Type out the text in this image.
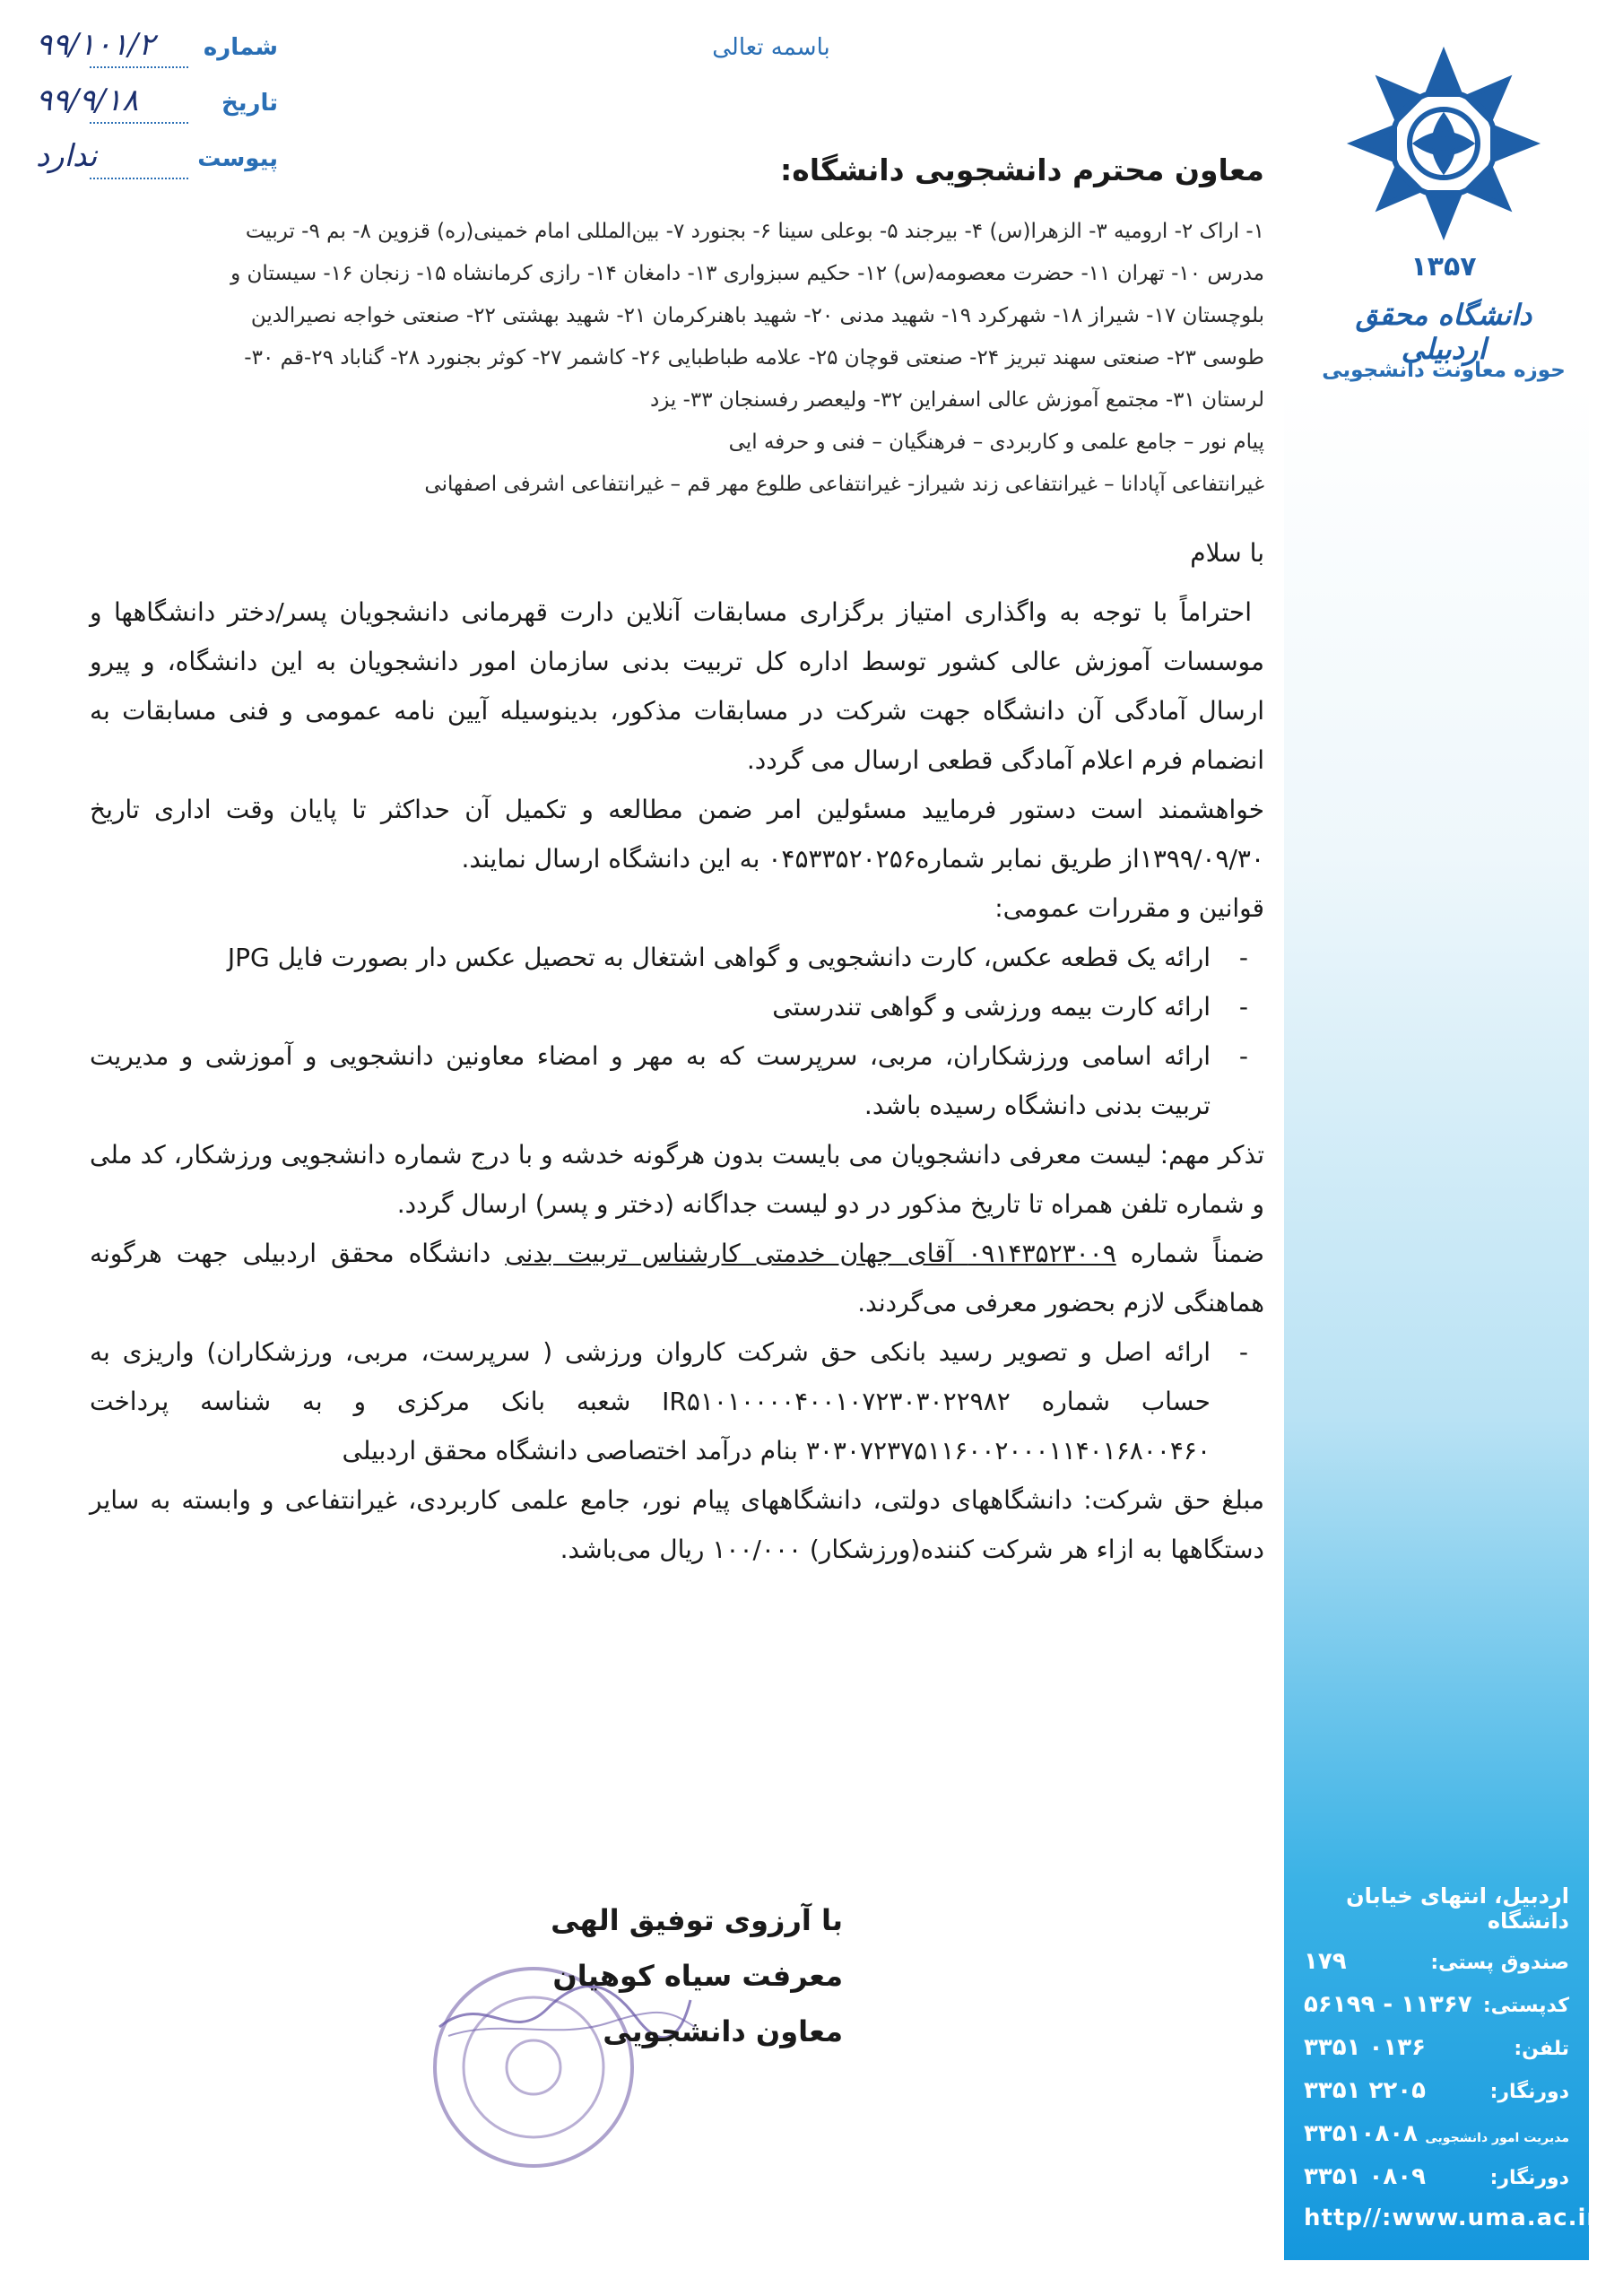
۹۹/۱۰۱/۲ شماره
۹۹/۹/۱۸	تاریخ
ندارد	پیوست
باسمه تعالی
۱۳۵۷
دانشگاه محقق اردبیلی
حوزه معاونت دانشجویی

معاون محترم دانشجویی دانشگاه:

۱- اراک ۲- ارومیه ۳- الزهرا(س) ۴- بیرجند ۵- بوعلی سینا ۶- بجنورد ۷- بین‌المللی امام خمینی(ره) قزوین ۸- بم ۹- تربیت

مدرس ۱۰- تهران ۱۱- حضرت معصومه(س) ۱۲- حکیم سبزواری ۱۳- دامغان ۱۴- رازی کرمانشاه ۱۵- زنجان ۱۶- سیستان و

بلوچستان ۱۷- شیراز ۱۸- شهرکرد ۱۹- شهید مدنی ۲۰- شهید باهنرکرمان ۲۱- شهید بهشتی ۲۲- صنعتی خواجه نصیرالدین

طوسی ۲۳- صنعتی سهند تبریز ۲۴- صنعتی قوچان ۲۵- علامه طباطبایی ۲۶- کاشمر ۲۷- کوثر بجنورد ۲۸- گناباد ۲۹-قم ۳۰-

لرستان ۳۱- مجتمع آموزش عالی اسفراین ۳۲- ولیعصر رفسنجان ۳۳- یزد

پیام نور – جامع علمی و کاربردی – فرهنگیان – فنی و حرفه ایی

غیرانتفاعی آپادانا – غیرانتفاعی زند شیراز- غیرانتفاعی طلوع مهر قم – غیرانتفاعی اشرفی اصفهانی

با سلام

احتراماً با توجه به واگذاری امتیاز برگزاری مسابقات آنلاین دارت قهرمانی دانشجویان پسر/دختر دانشگاهها و موسسات آموزش عالی کشور توسط اداره کل تربیت بدنی سازمان امور دانشجویان به این دانشگاه، و پیرو ارسال آمادگی آن دانشگاه جهت شرکت در مسابقات مذکور، بدینوسیله آیین نامه عمومی و فنی مسابقات به انضمام فرم اعلام آمادگی قطعی ارسال می گردد.

خواهشمند است دستور فرمایید مسئولین امر ضمن مطالعه و تکمیل آن حداکثر تا پایان وقت اداری تاریخ ۱۳۹۹/۰۹/۳۰از طریق نمابر شماره۰۴۵۳۳۵۲۰۲۵۶ به این دانشگاه ارسال نمایند.

قوانین و مقررات عمومی:

- ارائه یک قطعه عکس، کارت دانشجویی و گواهی اشتغال به تحصیل عکس دار بصورت فایل JPG
- ارائه کارت بیمه ورزشی و گواهی تندرستی
- ارائه اسامی ورزشکاران، مربی، سرپرست که به مهر و امضاء معاونین دانشجویی و آموزشی و مدیریت تربیت بدنی دانشگاه رسیده باشد.

تذکر مهم: لیست معرفی دانشجویان می بایست بدون هرگونه خدشه و با درج شماره دانشجویی ورزشکار، کد ملی و شماره تلفن همراه تا تاریخ مذکور در دو لیست جداگانه (دختر و پسر) ارسال گردد.

ضمناً شماره ۰۹۱۴۳۵۲۳۰۰۹ آقای جهان خدمتی کارشناس تربیت بدنی دانشگاه محقق اردبیلی جهت هرگونه هماهنگی لازم بحضور معرفی می‌گردند.

- ارائه اصل و تصویر رسید بانکی حق شرکت کاروان ورزشی ( سرپرست، مربی، ورزشکاران) واریزی به حساب شماره IR۵۱۰۱۰۰۰۰۴۰۰۱۰۷۲۳۰۳۰۲۲۹۸۲ شعبه بانک مرکزی و به شناسه پرداخت ۳۰۳۰۷۲۳۷۵۱۱۶۰۰۲۰۰۰۱۱۴۰۱۶۸۰۰۴۶۰ بنام درآمد اختصاصی دانشگاه محقق اردبیلی

مبلغ حق شرکت: دانشگاههای دولتی، دانشگاههای پیام نور، جامع علمی کاربردی، غیرانتفاعی و وابسته به سایر دستگاهها به ازاء هر شرکت کننده(ورزشکار) ۱۰۰/۰۰۰ ریال می‌باشد.

با آرزوی توفیق الهی
معرفت سیاه کوهیان
معاون دانشجویی
اردبیل، انتهای خیابان دانشگاه
صندوق پستی:
۱۷۹
کدپستی:
۵۶۱۹۹ - ۱۱۳۶۷
تلفن:
۳۳۵۱ ۰۱۳۶
دورنگار:
۳۳۵۱ ۲۲۰۵
مدیریت امور دانشجویی
۳۳۵۱۰۸۰۸
دورنگار:
۳۳۵۱ ۰۸۰۹
http//:www.uma.ac.ir
